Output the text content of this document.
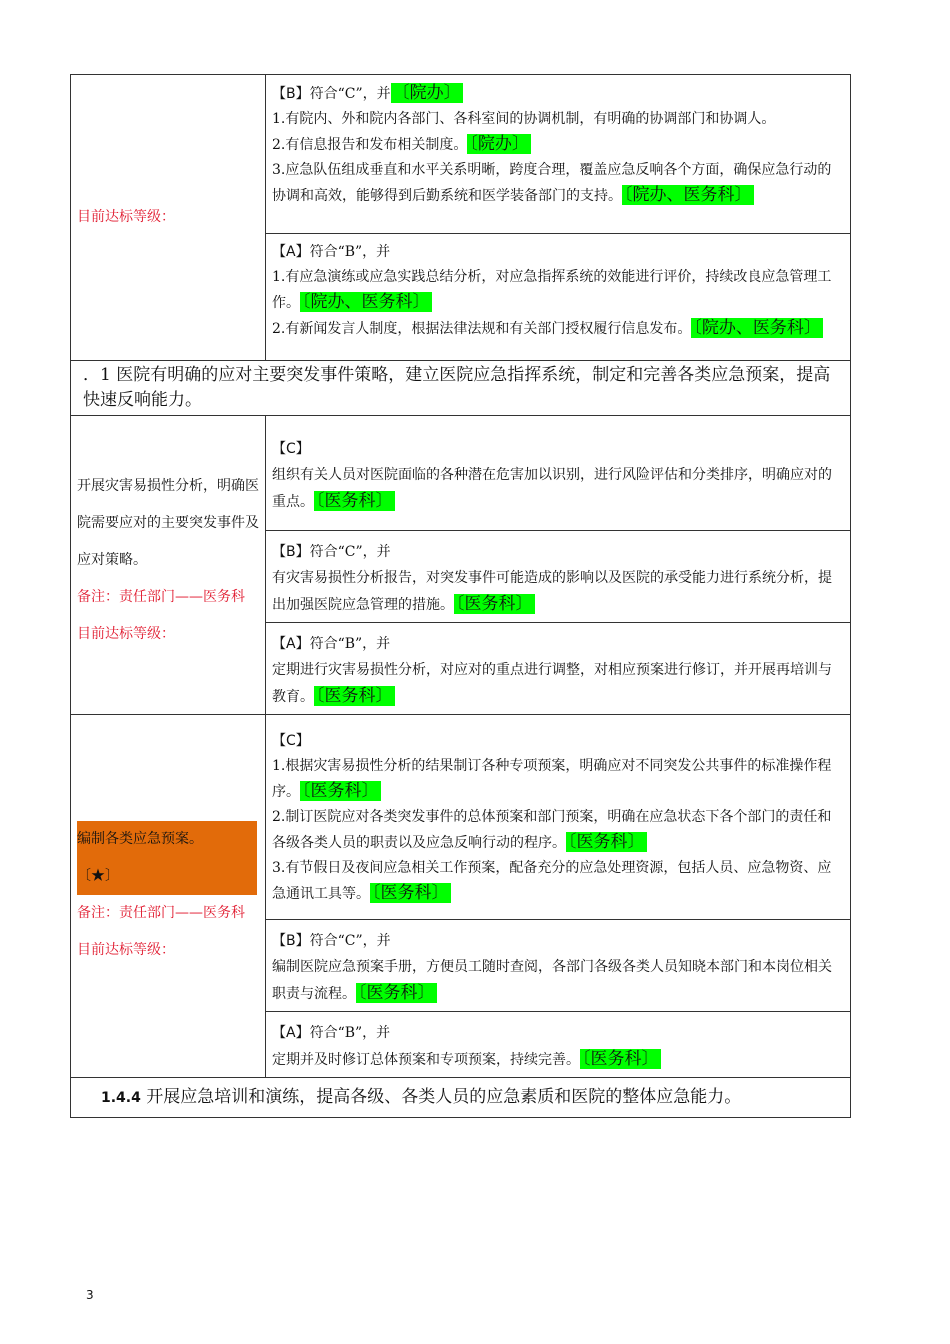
目前达标等级：	【B】符合“C”，并 〔院办〕
1.有院内、外和院内各部门、各科室间的协调机制，有明确的协调部门和协调人。
2.有信息报告和发布相关制度。 〔院办〕
3.应急队伍组成垂直和水平关系明晰，跨度合理，覆盖应急反响各个方面，确保应急行动的协调和高效，能够得到后勤系统和医学装备部门的支持。 〔院办、医务科〕

	【A】符合“B”，并
1.有应急演练或应急实践总结分析，对应急指挥系统的效能进行评价，持续改良应急管理工作。 〔院办、医务科〕
2.有新闻发言人制度，根据法律法规和有关部门授权履行信息发布。 〔院办、医务科〕

．1 医院有明确的应对主要突发事件策略，建立医院应急指挥系统，制定和完善各类应急预案，提高快速反响能力。	

开展灾害易损性分析，明确医院需要应对的主要突发事件及应对策略。
备注：责任部门——医务科
目前达标等级：	【C】
组织有关人员对医院面临的各种潜在危害加以识别，进行风险评估和分类排序，明确应对的重点。 〔医务科〕

	【B】符合“C”，并
有灾害易损性分析报告，对突发事件可能造成的影响以及医院的承受能力进行系统分析，提出加强医院应急管理的措施。 〔医务科〕

	【A】符合“B”，并
定期进行灾害易损性分析，对应对的重点进行调整，对相应预案进行修订，并开展再培训与教育。 〔医务科〕

编制各类应急预案。
〔★〕
备注：责任部门——医务科
目前达标等级：	【C】
1.根据灾害易损性分析的结果制订各种专项预案，明确应对不同突发公共事件的标准操作程序。 〔医务科〕
2.制订医院应对各类突发事件的总体预案和部门预案，明确在应急状态下各个部门的责任和各级各类人员的职责以及应急反响行动的程序。 〔医务科〕
3.有节假日及夜间应急相关工作预案，配备充分的应急处理资源，包括人员、应急物资、应急通讯工具等。 〔医务科〕

	【B】符合“C”，并
编制医院应急预案手册，方便员工随时查阅，各部门各级各类人员知晓本部门和本岗位相关职责与流程。 〔医务科〕

	【A】符合“B”，并
定期并及时修订总体预案和专项预案，持续完善。 〔医务科〕

1.4.4 开展应急培训和演练，提高各级、各类人员的应急素质和医院的整体应急能力。	
3
